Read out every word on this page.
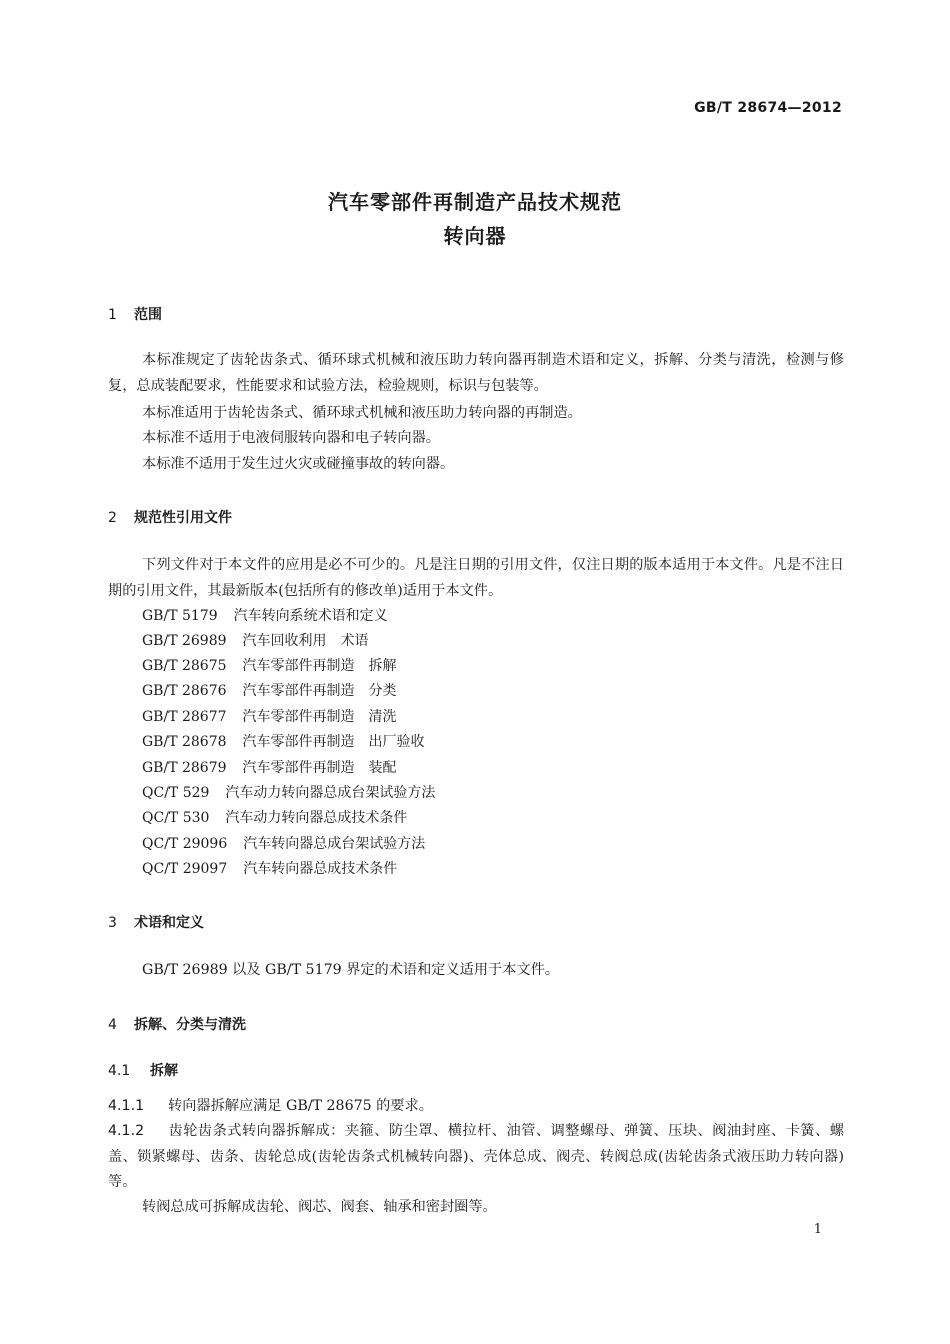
GB/T 28674—2012
汽车零部件再制造产品技术规范
转向器
1 范围
本标准规定了齿轮齿条式、循环球式机械和液压助力转向器再制造术语和定义，拆解、分类与清洗，检测与修复，总成装配要求，性能要求和试验方法，检验规则，标识与包装等。
本标准适用于齿轮齿条式、循环球式机械和液压助力转向器的再制造。
本标准不适用于电液伺服转向器和电子转向器。
本标准不适用于发生过火灾或碰撞事故的转向器。
2 规范性引用文件
下列文件对于本文件的应用是必不可少的。凡是注日期的引用文件，仅注日期的版本适用于本文件。凡是不注日期的引用文件，其最新版本(包括所有的修改单)适用于本文件。
GB/T 5179 汽车转向系统术语和定义
GB/T 26989 汽车回收利用　术语
GB/T 28675 汽车零部件再制造　拆解
GB/T 28676 汽车零部件再制造　分类
GB/T 28677 汽车零部件再制造　清洗
GB/T 28678 汽车零部件再制造　出厂验收
GB/T 28679 汽车零部件再制造　装配
QC/T 529 汽车动力转向器总成台架试验方法
QC/T 530 汽车动力转向器总成技术条件
QC/T 29096 汽车转向器总成台架试验方法
QC/T 29097 汽车转向器总成技术条件
3 术语和定义
GB/T 26989 以及 GB/T 5179 界定的术语和定义适用于本文件。
4 拆解、分类与清洗
4.1 拆解
4.1.1 转向器拆解应满足 GB/T 28675 的要求。
4.1.2 齿轮齿条式转向器拆解成：夹箍、防尘罩、横拉杆、油管、调整螺母、弹簧、压块、阀油封座、卡簧、螺盖、锁紧螺母、齿条、齿轮总成(齿轮齿条式机械转向器)、壳体总成、阀壳、转阀总成(齿轮齿条式液压助力转向器)等。
转阀总成可拆解成齿轮、阀芯、阀套、轴承和密封圈等。
1
